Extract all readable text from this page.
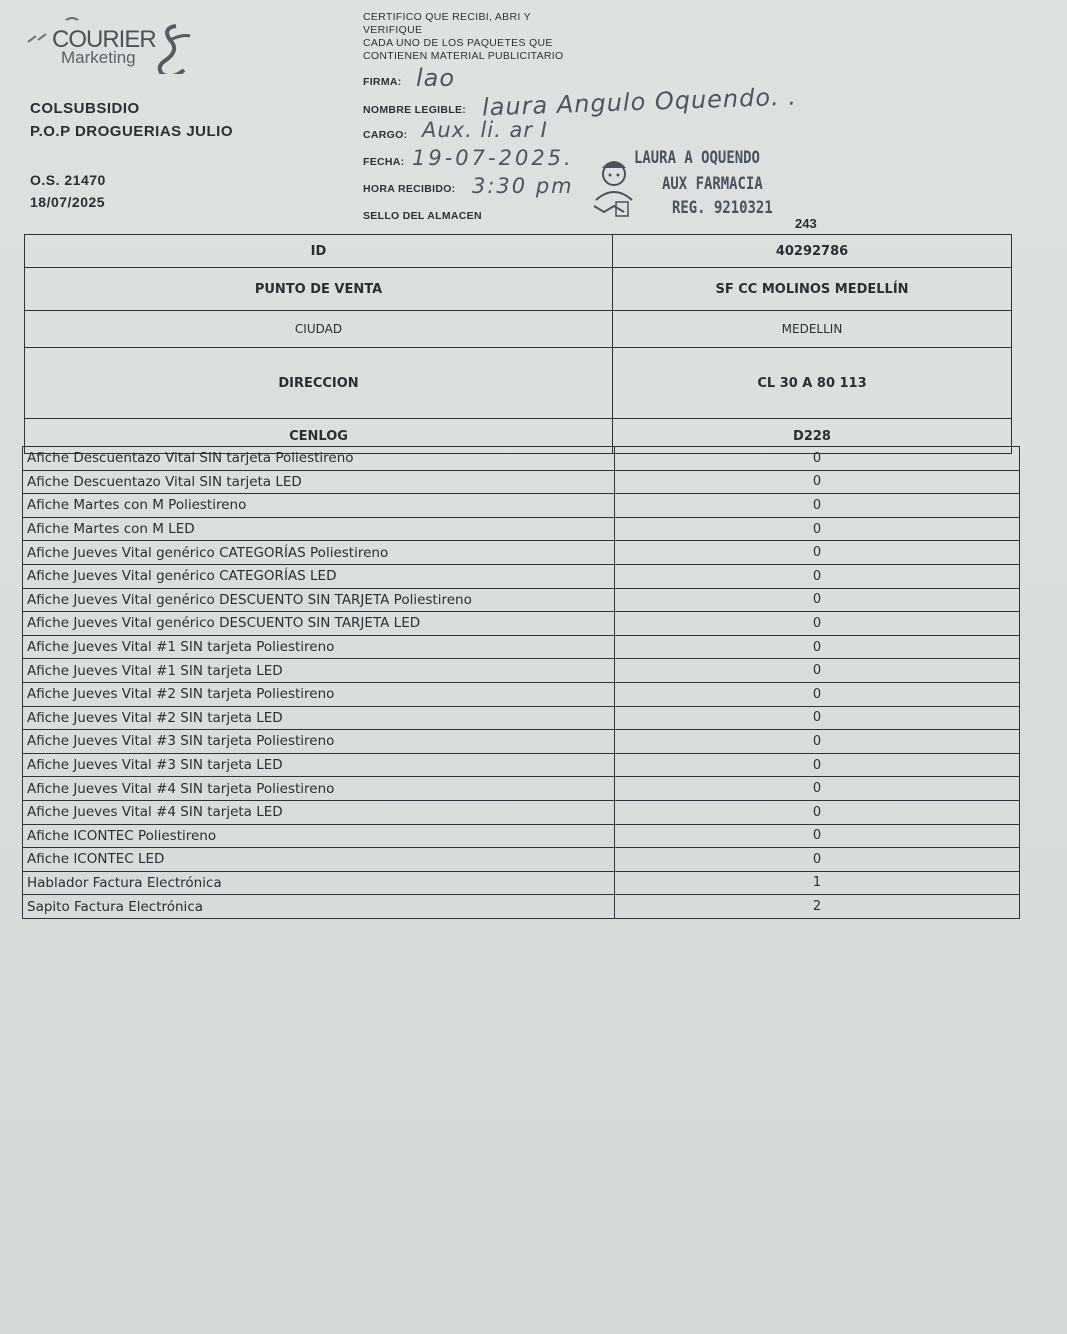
COURIER
Marketing
COLSUBSIDIO
P.O.P DROGUERIAS JULIO
O.S. 21470
18/07/2025
CERTIFICO QUE RECIBI, ABRI Y
VERIFIQUE
CADA UNO DE LOS PAQUETES QUE
CONTIENEN MATERIAL PUBLICITARIO
FIRMA: lao
NOMBRE LEGIBLE: laura Angulo Oquendo. .
CARGO: Aux. li. ar I
FECHA: 19-07-2025.
HORA RECIBIDO: 3:30 pm
SELLO DEL ALMACEN
LAURA A OQUENDO
AUX FARMACIA
REG. 9210321
243
ID	40292786
PUNTO DE VENTA	SF CC MOLINOS MEDELLÍN
CIUDAD	MEDELLIN
DIRECCION	CL 30 A 80 113
CENLOG	D228
Afiche Descuentazo Vital SIN tarjeta Poliestireno	0
Afiche Descuentazo Vital SIN tarjeta LED	0
Afiche Martes con M Poliestireno	0
Afiche Martes con M LED	0
Afiche Jueves Vital genérico CATEGORÍAS Poliestireno	0
Afiche Jueves Vital genérico CATEGORÍAS LED	0
Afiche Jueves Vital genérico DESCUENTO SIN TARJETA Poliestireno	0
Afiche Jueves Vital genérico DESCUENTO SIN TARJETA LED	0
Afiche Jueves Vital #1 SIN tarjeta Poliestireno	0
Afiche Jueves Vital #1 SIN tarjeta LED	0
Afiche Jueves Vital #2 SIN tarjeta Poliestireno	0
Afiche Jueves Vital #2 SIN tarjeta LED	0
Afiche Jueves Vital #3 SIN tarjeta Poliestireno	0
Afiche Jueves Vital #3 SIN tarjeta LED	0
Afiche Jueves Vital #4 SIN tarjeta Poliestireno	0
Afiche Jueves Vital #4 SIN tarjeta LED	0
Afiche ICONTEC Poliestireno	0
Afiche ICONTEC LED	0
Hablador Factura Electrónica	1
Sapito Factura Electrónica	2
